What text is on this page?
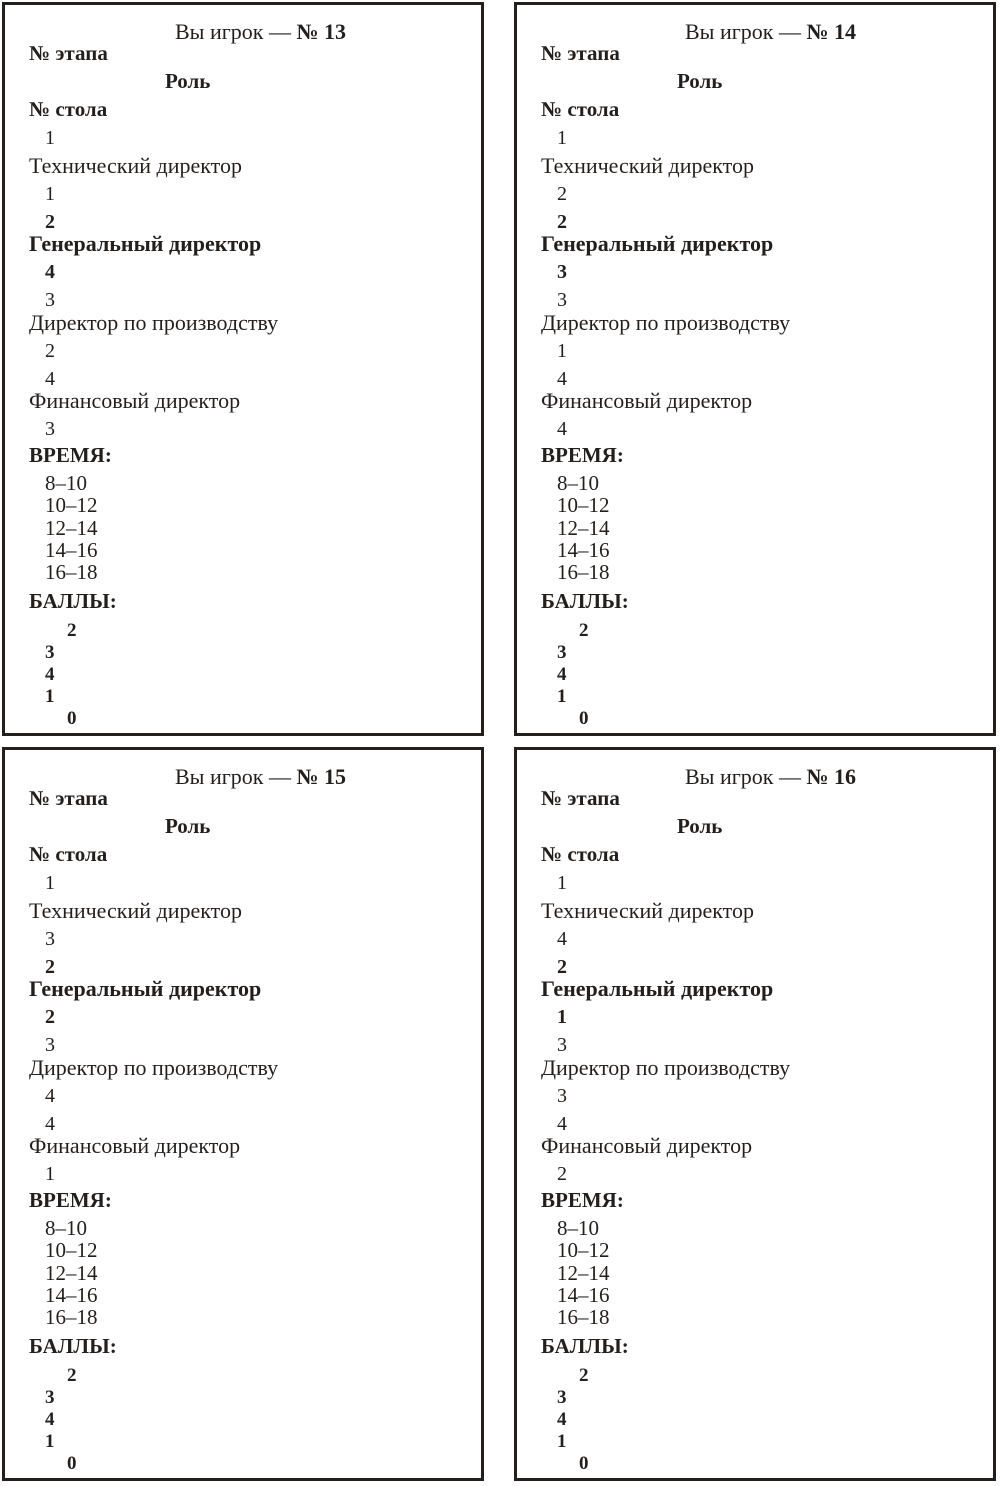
Вы игрок — № 13
№ этапа
Роль
№ стола
1
Технический директор
1
2
Генеральный директор
4
3
Директор по производству
2
4
Финансовый директор
3
ВРЕМЯ:
8–10
10–12
12–14
14–16
16–18
БАЛЛЫ:
2
3
4
1
0
Вы игрок — № 14
№ этапа
Роль
№ стола
1
Технический директор
2
2
Генеральный директор
3
3
Директор по производству
1
4
Финансовый директор
4
ВРЕМЯ:
8–10
10–12
12–14
14–16
16–18
БАЛЛЫ:
2
3
4
1
0
Вы игрок — № 15
№ этапа
Роль
№ стола
1
Технический директор
3
2
Генеральный директор
2
3
Директор по производству
4
4
Финансовый директор
1
ВРЕМЯ:
8–10
10–12
12–14
14–16
16–18
БАЛЛЫ:
2
3
4
1
0
Вы игрок — № 16
№ этапа
Роль
№ стола
1
Технический директор
4
2
Генеральный директор
1
3
Директор по производству
3
4
Финансовый директор
2
ВРЕМЯ:
8–10
10–12
12–14
14–16
16–18
БАЛЛЫ:
2
3
4
1
0
